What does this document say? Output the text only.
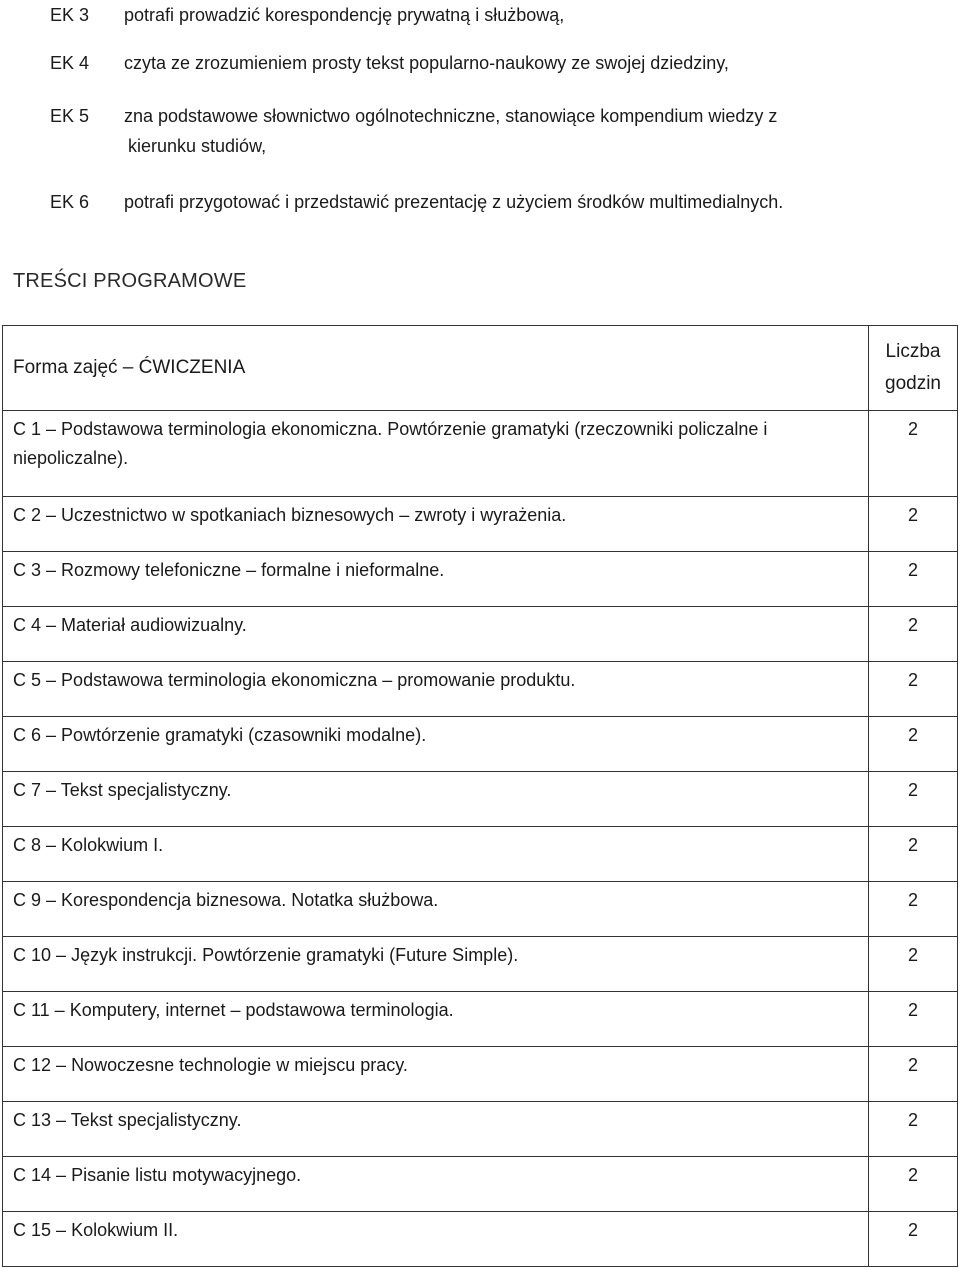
EK 3	potrafi prowadzić korespondencję prywatną i służbową,
EK 4	czyta ze zrozumieniem prosty tekst popularno-naukowy ze swojej dziedziny,
EK 5	zna podstawowe słownictwo ogólnotechniczne, stanowiące kompendium wiedzy z
kierunku studiów,
EK 6	potrafi przygotować i przedstawić prezentację z użyciem środków multimedialnych.
TREŚCI PROGRAMOWE
Forma zajęć – ĆWICZENIA	Liczba
godzin
C 1 – Podstawowa terminologia ekonomiczna. Powtórzenie gramatyki (rzeczowniki policzalne i niepoliczalne).	2
C 2 – Uczestnictwo w spotkaniach biznesowych – zwroty i wyrażenia.	2
C 3 – Rozmowy telefoniczne – formalne i nieformalne.	2
C 4 – Materiał audiowizualny.	2
C 5 – Podstawowa terminologia ekonomiczna – promowanie produktu.	2
C 6 – Powtórzenie gramatyki (czasowniki modalne).	2
C 7 – Tekst specjalistyczny.	2
C 8 – Kolokwium I.	2
C 9 – Korespondencja biznesowa. Notatka służbowa.	2
C 10 – Język instrukcji. Powtórzenie gramatyki (Future Simple).	2
C 11 – Komputery, internet – podstawowa terminologia.	2
C 12 – Nowoczesne technologie w miejscu pracy.	2
C 13 – Tekst specjalistyczny.	2
C 14 – Pisanie listu motywacyjnego.	2
C 15 – Kolokwium II.	2
